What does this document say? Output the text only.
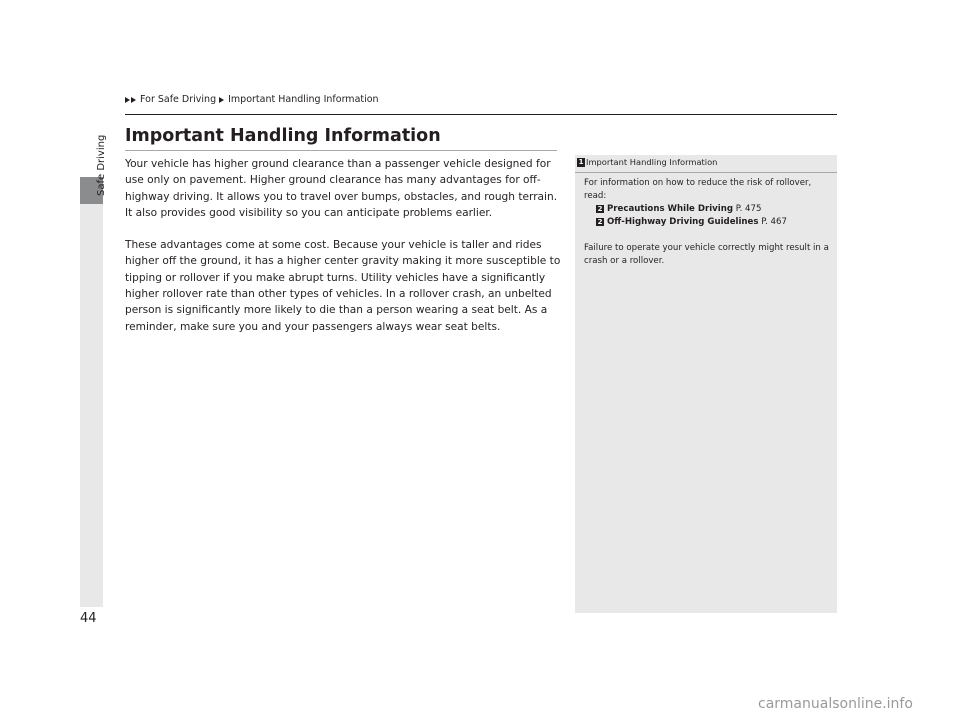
For Safe Driving Important Handling Information
Safe Driving Important Handling Information

Your vehicle has higher ground clearance than a passenger vehicle designed for use only on pavement. Higher ground clearance has many advantages for off-highway driving. It allows you to travel over bumps, obstacles, and rough terrain. It also provides good visibility so you can anticipate problems earlier.

These advantages come at some cost. Because your vehicle is taller and rides higher off the ground, it has a higher center gravity making it more susceptible to tipping or rollover if you make abrupt turns. Utility vehicles have a significantly higher rollover rate than other types of vehicles. In a rollover crash, an unbelted person is significantly more likely to die than a person wearing a seat belt. As a reminder, make sure you and your passengers always wear seat belts.

1 Important Handling Information

For information on how to reduce the risk of rollover, read:

2 Precautions While Driving P. 475
2 Off-Highway Driving Guidelines P. 467

Failure to operate your vehicle correctly might result in a crash or a rollover.

44
carmanualsonline.info
